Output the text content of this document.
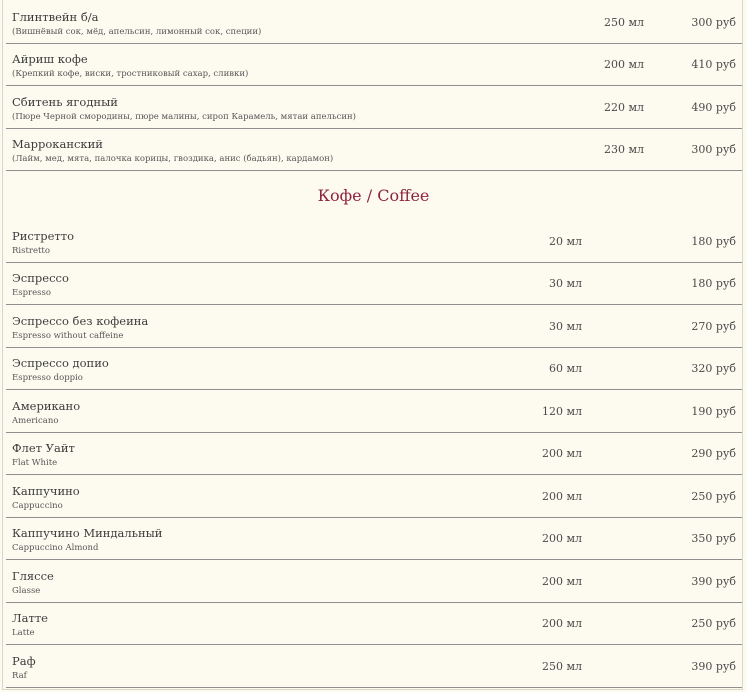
Глинтвейн б/а
(Вишнёвый сок, мёд, апельсин, лимонный сок, специи)
250 мл	300 руб
Айриш кофе
(Крепкий кофе, виски, тростниковый сахар, сливки)
200 мл	410 руб
Сбитень ягодный
(Пюре Черной смородины, пюре малины, сироп Карамель, мятаи апельсин)
220 мл	490 руб
Марроканский
(Лайм, мед, мята, палочка корицы, гвоздика, анис (бадьян), кардамон)
230 мл	300 руб
Кофе / Coffee
Ристретто
Ristretto
20 мл	180 руб
Эспрессо
Espresso
30 мл	180 руб
Эспрессо без кофеина
Espresso without caffeine
30 мл	270 руб
Эспрессо допио
Espresso doppio
60 мл	320 руб
Американо
Americano
120 мл	190 руб
Флет Уайт
Flat White
200 мл	290 руб
Каппучино
Cappuccino
200 мл	250 руб
Каппучино Миндальный
Cappuccino Almond
200 мл	350 руб
Гляссе
Glasse
200 мл	390 руб
Латте
Latte
200 мл	250 руб
Раф
Raf
250 мл	390 руб
